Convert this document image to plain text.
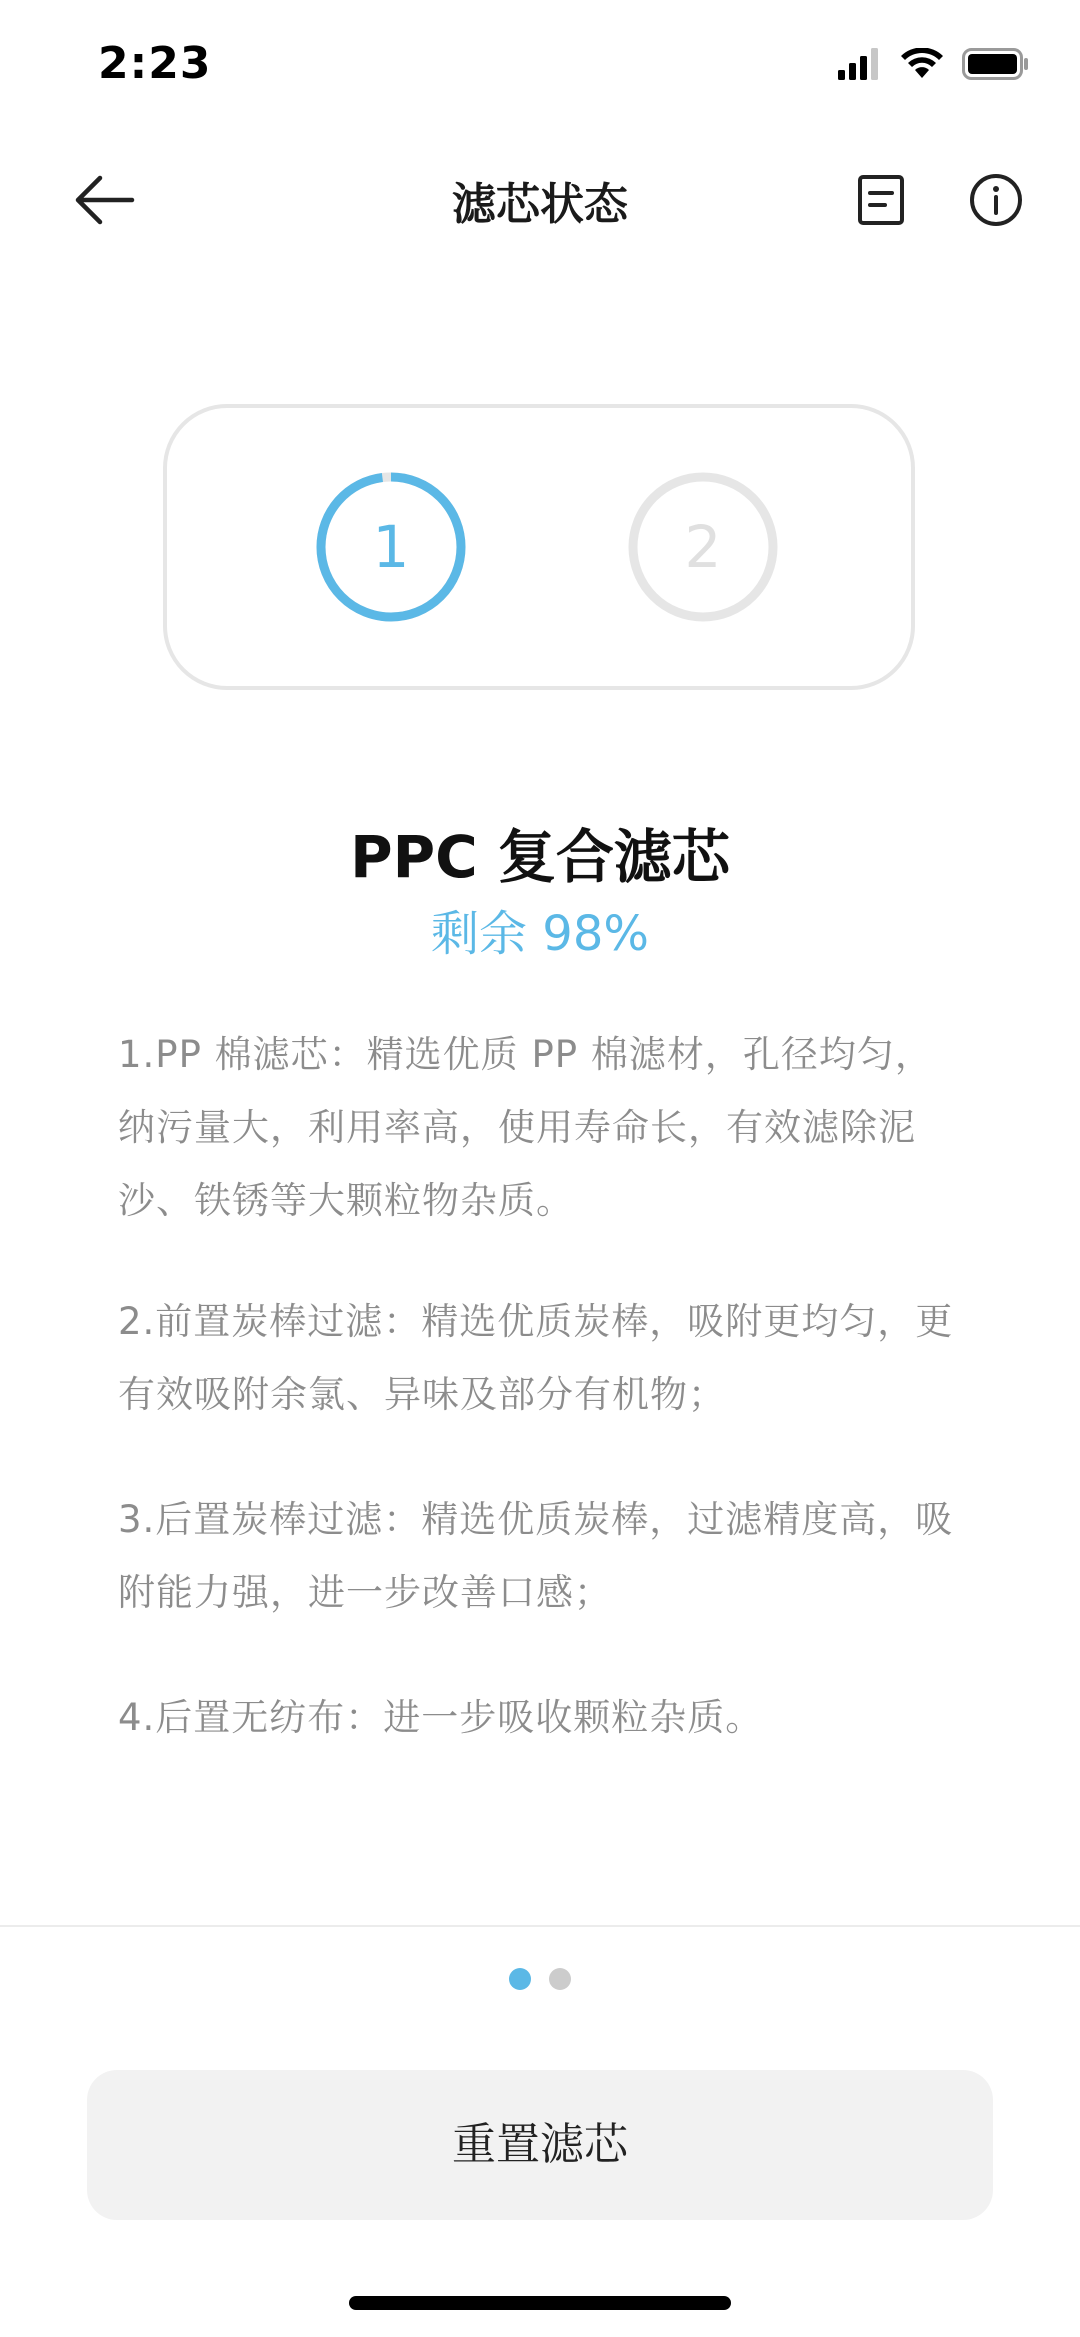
2:23
滤芯状态
1	2
PPC 复合滤芯
剩余 98%
1.PP 棉滤芯：精选优质 PP 棉滤材，孔径均匀，纳污量大，利用率高，使用寿命长，有效滤除泥沙、铁锈等大颗粒物杂质。
2.前置炭棒过滤：精选优质炭棒，吸附更均匀，更有效吸附余氯、异味及部分有机物；
3.后置炭棒过滤：精选优质炭棒，过滤精度高，吸附能力强，进一步改善口感；
4.后置无纺布：进一步吸收颗粒杂质。
重置滤芯
